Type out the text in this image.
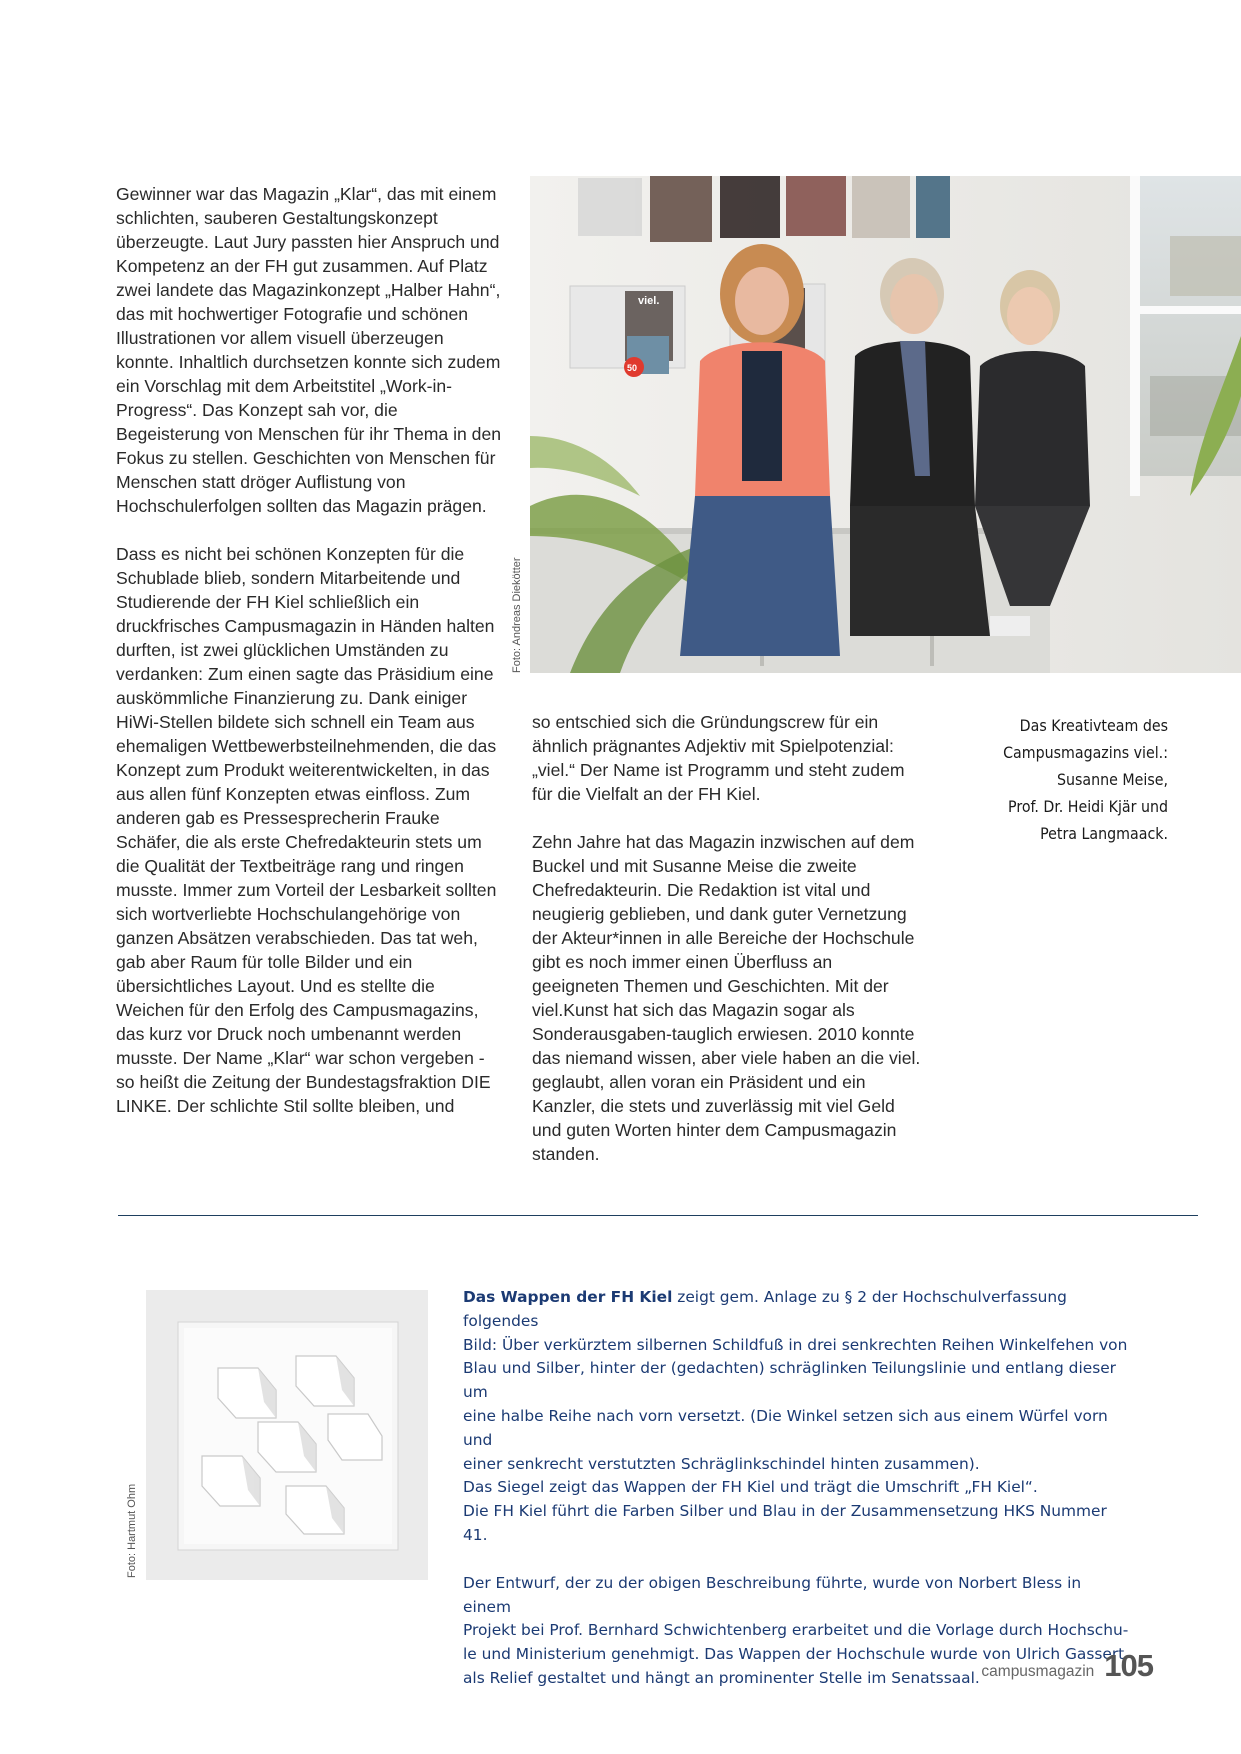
Gewinner war das Magazin „Klar“, das mit einem schlichten, sauberen Gestaltungskonzept überzeugte. Laut Jury passten hier Anspruch und Kompetenz an der FH gut zusammen. Auf Platz zwei landete das Magazinkonzept „Halber Hahn“, das mit hochwertiger Fotografie und schönen Illustrationen vor allem visuell überzeugen konnte. Inhaltlich durchsetzen konnte sich zudem ein Vorschlag mit dem Arbeitstitel „Work-in-Progress“. Das Konzept sah vor, die Begeisterung von Menschen für ihr Thema in den Fokus zu stellen. Geschichten von Menschen für Menschen statt dröger Auflistung von Hochschulerfolgen sollten das Magazin prägen.

Dass es nicht bei schönen Konzepten für die Schublade blieb, sondern Mitarbeitende und Studierende der FH Kiel schließlich ein druckfrisches Campusmagazin in Händen halten durften, ist zwei glücklichen Umständen zu verdanken: Zum einen sagte das Präsidium eine auskömmliche Finanzierung zu. Dank einiger HiWi-Stellen bildete sich schnell ein Team aus ehemaligen Wettbewerbsteilnehmenden, die das Konzept zum Produkt weiterentwickelten, in das aus allen fünf Konzepten etwas einfloss. Zum anderen gab es Pressesprecherin Frauke Schäfer, die als erste Chefredakteurin stets um die Qualität der Textbeiträge rang und ringen musste. Immer zum Vorteil der Lesbarkeit sollten sich wortverliebte Hochschulangehörige von ganzen Absätzen verabschieden. Das tat weh, gab aber Raum für tolle Bilder und ein übersichtliches Layout. Und es stellte die Weichen für den Erfolg des Campusmagazins, das kurz vor Druck noch umbenannt werden musste. Der Name „Klar“ war schon vergeben - so heißt die Zeitung der Bundestagsfraktion DIE LINKE. Der schlichte Stil sollte bleiben, und

viel.
50
Foto: Andreas Diekötter

so entschied sich die Gründungscrew für ein ähnlich prägnantes Adjektiv mit Spielpotenzial: „viel.“ Der Name ist Programm und steht zudem für die Vielfalt an der FH Kiel.

Zehn Jahre hat das Magazin inzwischen auf dem Buckel und mit Susanne Meise die zweite Chefredakteurin. Die Redaktion ist vital und neugierig geblieben, und dank guter Vernetzung der Akteur*innen in alle Bereiche der Hochschule gibt es noch immer einen Überfluss an geeigneten Themen und Geschichten. Mit der viel.Kunst hat sich das Magazin sogar als Sonderausgaben-tauglich erwiesen. 2010 konnte das niemand wissen, aber viele haben an die viel. geglaubt, allen voran ein Präsident und ein Kanzler, die stets und zuverlässig mit viel Geld und guten Worten hinter dem Campusmagazin standen.

Das Kreativteam des
Campusmagazins viel.:
Susanne Meise,
Prof. Dr. Heidi Kjär und
Petra Langmaack.
Foto: Hartmut Ohm

Das Wappen der FH Kiel zeigt gem. Anlage zu § 2 der Hochschulverfassung folgendes
Bild: Über verkürztem silbernen Schildfuß in drei senkrechten Reihen Winkelfehen von
Blau und Silber, hinter der (gedachten) schräglinken Teilungslinie und entlang dieser um
eine halbe Reihe nach vorn versetzt. (Die Winkel setzen sich aus einem Würfel vorn und
einer senkrecht verstutzten Schräglinkschindel hinten zusammen).
Das Siegel zeigt das Wappen der FH Kiel und trägt die Umschrift „FH Kiel“.
Die FH Kiel führt die Farben Silber und Blau in der Zusammensetzung HKS Nummer 41.

Der Entwurf, der zu der obigen Beschreibung führte, wurde von Norbert Bless in einem
Projekt bei Prof. Bernhard Schwichtenberg erarbeitet und die Vorlage durch Hochschu-
le und Ministerium genehmigt. Das Wappen der Hochschule wurde von Ulrich Gassert
als Relief gestaltet und hängt an prominenter Stelle im Senatssaal. campusmagazin 105
